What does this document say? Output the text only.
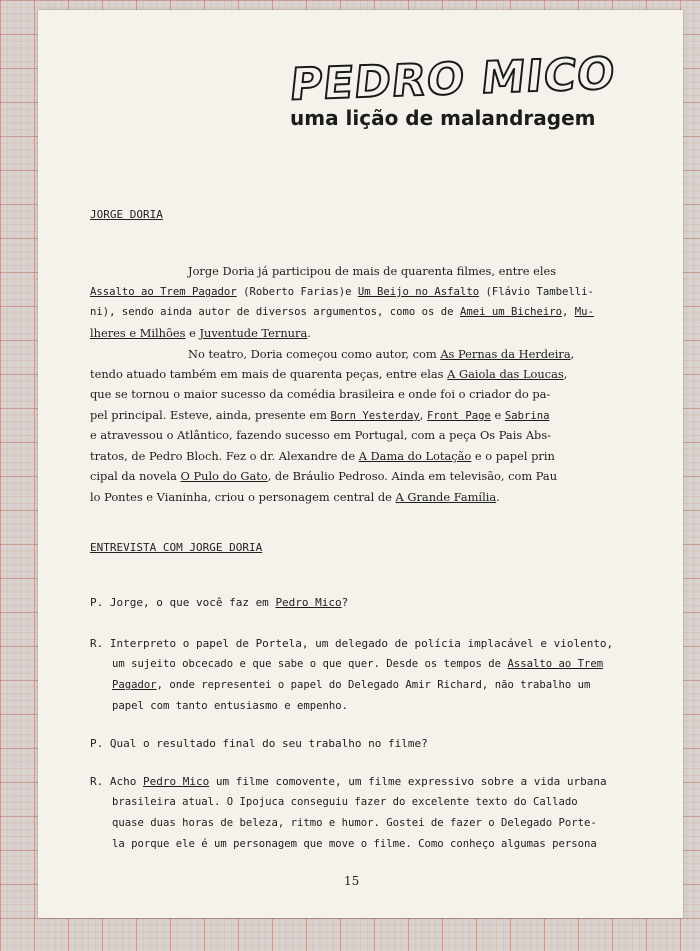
PEDRO MICO
uma lição de malandragem
JORGE DORIA
Jorge Doria já participou de mais de quarenta filmes, entre eles
Assalto ao Trem Pagador (Roberto Farias)e Um Beijo no Asfalto (Flávio Tambelli-
ni), sendo ainda autor de diversos argumentos, como os de Amei um Bicheiro, Mu-
lheres e Milhões e Juventude Ternura.
No teatro, Doria começou como autor, com As Pernas da Herdeira,
tendo atuado também em mais de quarenta peças, entre elas A Gaiola das Loucas,
que se tornou o maior sucesso da comédia brasileira e onde foi o criador do pa-
pel principal. Esteve, ainda, presente em Born Yesterday, Front Page e Sabrina
e atravessou o Atlântico, fazendo sucesso em Portugal, com a peça Os Pais Abs-
tratos, de Pedro Bloch. Fez o dr. Alexandre de A Dama do Lotação e o papel prin
cipal da novela O Pulo do Gato, de Bráulio Pedroso. Ainda em televisão, com Pau
lo Pontes e Vianinha, criou o personagem central de A Grande Família.
ENTREVISTA COM JORGE DORIA
P. Jorge, o que você faz em Pedro Mico?
R. Interpreto o papel de Portela, um delegado de polícia implacável e violento,
um sujeito obcecado e que sabe o que quer. Desde os tempos de Assalto ao Trem
Pagador, onde representei o papel do Delegado Amir Richard, não trabalho um
papel com tanto entusiasmo e empenho.
P. Qual o resultado final do seu trabalho no filme?
R. Acho Pedro Mico um filme comovente, um filme expressivo sobre a vida urbana
brasileira atual. O Ipojuca conseguiu fazer do excelente texto do Callado
quase duas horas de beleza, ritmo e humor. Gostei de fazer o Delegado Porte-
la porque ele é um personagem que move o filme. Como conheço algumas persona
15
